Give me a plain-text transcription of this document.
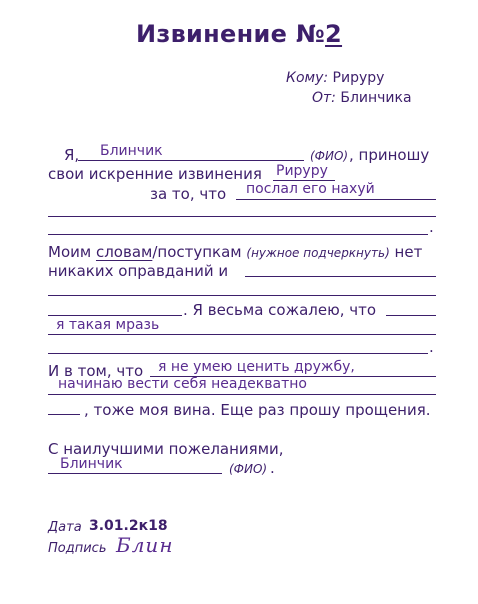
Извинение №2
Кому: Рирурy
От: Блинчика
Я, Блинчик	(ФИО) , приношу
свои искренние извинения Рирурy
за то, что послал его нахуй
.
Моим словам/поступкам (нужное подчеркнуть) нет
никаких оправданий и
. Я весьма сожалею, что
я такая мразь
.
И в том, что я не умею ценить дружбу,
начинаю вести себя неадекватно
, тоже моя вина. Еще раз прошу прощения.
С наилучшими пожеланиями,
Блинчик	(ФИО) .
Дата 3.01.2к18
Подпись Блин
